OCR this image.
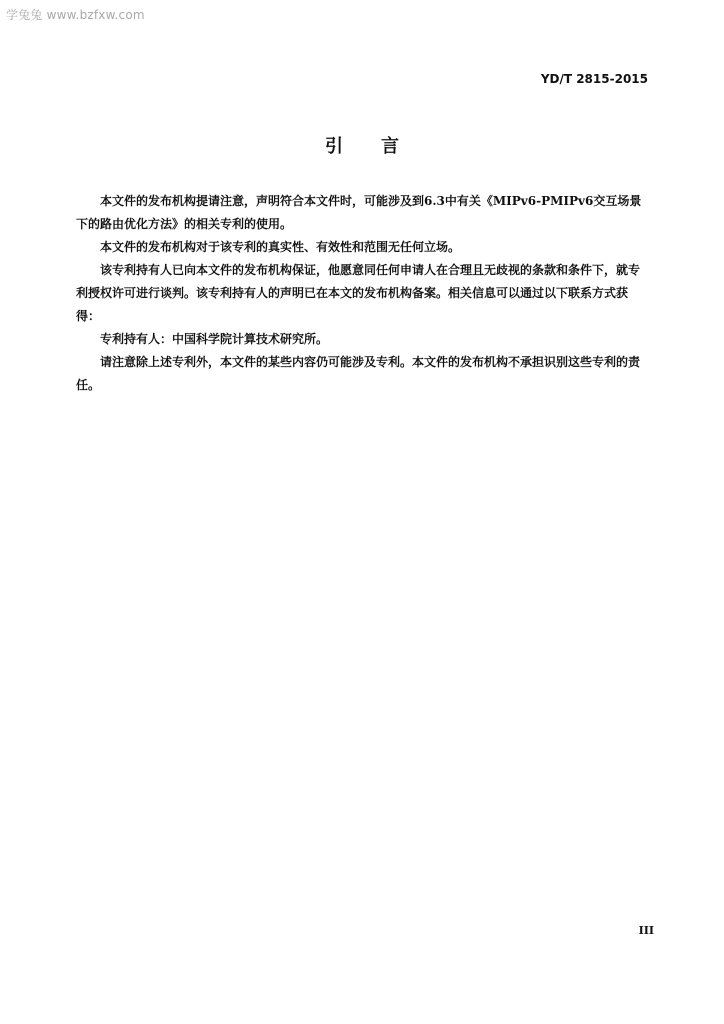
学兔兔 www.bzfxw.com
YD/T 2815-2015
引言

本文件的发布机构提请注意，声明符合本文件时，可能涉及到6.3中有关《MIPv6-PMIPv6交互场景下的路由优化方法》的相关专利的使用。

本文件的发布机构对于该专利的真实性、有效性和范围无任何立场。

该专利持有人已向本文件的发布机构保证，他愿意同任何申请人在合理且无歧视的条款和条件下，就专利授权许可进行谈判。该专利持有人的声明已在本文的发布机构备案。相关信息可以通过以下联系方式获得：

专利持有人：中国科学院计算技术研究所。

请注意除上述专利外，本文件的某些内容仍可能涉及专利。本文件的发布机构不承担识别这些专利的责任。

III
